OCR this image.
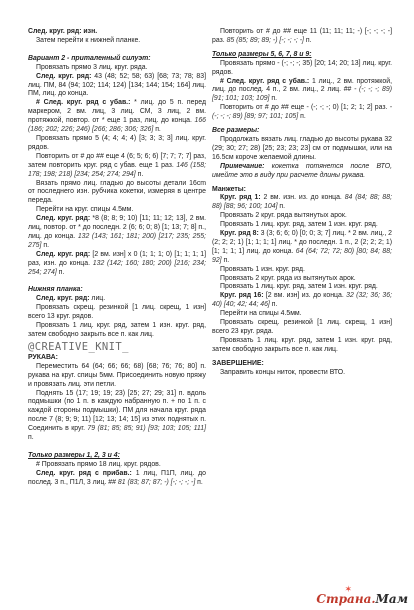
След. круг. ряд: изн.

Затем перейти к нижней планке.

Вариант 2 - приталенный силуэт:

Провязать прямо 3 лиц. круг. ряда.

След. круг. ряд: 43 (48; 52; 58; 63) [68; 73; 78; 83] лиц. ПМ, 84 (94; 102; 114; 124) [134; 144; 154; 164] лиц. ПМ, лиц. до конца.

# След. круг. ряд с убав.: * лиц. до 5 п. перед маркером, 2 вм. лиц, 3 лиц. СМ, 3 лиц, 2 вм. протяжкой, повтор. от * еще 1 раз, лиц. до конца. 166 (186; 202; 226; 246) [266; 286; 306; 326] п.

Провязать прямо 5 (4; 4; 4; 4) [3; 3; 3; 3] лиц. круг. рядов.

Повторить от # до ## еще 4 (6; 5; 6; 6) [7; 7; 7; 7] раз, затем повторить круг. ряд с убав. еще 1 раз. 146 (158; 178; 198; 218) [234; 254; 274; 294] п.

Вязать прямо лиц. гладью до высоты детали 16cm от последнего изн. рубчика кокетки, измеряя в центре переда.

Перейти на круг. спицы 4.5мм.

След. круг. ряд: *8 (8; 8; 9; 10) [11; 11; 12; 13], 2 вм. лиц, повтор. от * до последн. 2 (6; 6; 0; 8) [1; 13; 7; 8] п., лиц. до конца. 132 (143; 161; 181; 200) [217; 235; 255; 275] п.

След. круг. ряд: [2 вм. изн] x 0 (1; 1; 1; 0) [1; 1; 1; 1] раз, изн. до конца. 132 (142; 160; 180; 200) [216; 234; 254; 274] п.

Нижняя планка:

След. круг. ряд: лиц.

Провязать скрещ. резинкой [1 лиц. скрещ, 1 изн] всего 13 круг. рядов.

Провязать 1 лиц. круг. ряд, затем 1 изн. круг. ряд, затем свободно закрыть все п. как лиц.

@CREATIVE_KNIT_

РУКАВА:

Переместить 64 (64; 66; 66; 68) [68; 76; 76; 80] п. рукава на круг. спицы 5мм. Присоединить новую пряжу и провязать лиц. эти петли.

Поднять 15 (17; 19; 19; 23) [25; 27; 29; 31] п. вдоль подмышки (по 1 п. в каждую набранную п. + по 1 п. с каждой стороны подмышки). ПМ для начала круг. ряда после 7 (8; 9; 9; 11) [12; 13; 14; 15] из этих поднятых п. Соединить в круг. 79 (81; 85; 85; 91) [93; 103; 105; 111] п.

Только размеры 1, 2, 3 и 4:

# Провязать прямо 18 лиц. круг. рядов.

След. круг. ряд с прибав.: 1 лиц, П1П, лиц. до послед. 3 п., П1Л, 3 лиц. ## 81 (83; 87; 87; -) [-; -; -; -] п.

Повторить от # до ## еще 11 (11; 11; 11; -) [-; -; -; -] раз. 85 (85; 89; 89; -) [-; -; -; -] п.

Только размеры 5, 6, 7, 8 и 9:

Провязать прямо - (-; -; -; 35) [20; 14; 20; 13] лиц. круг. рядов.

# След. круг. ряд с убав.: 1 лиц., 2 вм. протяжкой, лиц. до послед. 4 п., 2 вм. лиц., 2 лиц. ## - (-; -; -; 89) [91; 101; 103; 109] п.

Повторить от # до ## еще - (-; -; -; 0) [1; 2; 1; 2] раз. - (-; -; -; 89) [89; 97; 101; 105] п.

Все размеры:

Продолжать вязать лиц. гладью до высоты рукава 32 (29; 30; 27; 28) [25; 23; 23; 23] см от подмышки, или на 16.5см короче желаемой длины.

Примечание: кокетка потянется после ВТО, имейте это в виду при расчете длины рукава.

Манжеты:

Круг. ряд 1: 2 вм. изн. из. до конца. 84 (84; 88; 88; 88) [88; 96; 100; 104] п.

Провязать 2 круг. ряда вытянутых арок.

Провязать 1 лиц. круг. ряд, затем 1 изн. круг. ряд.

Круг. ряд 8: 3 (3; 6; 6; 0) [0; 0; 3; 7] лиц. * 2 вм. лиц., 2 (2; 2; 2; 1) [1; 1; 1; 1] лиц. * до последн. 1 п., 2 (2; 2; 2; 1) [1; 1; 1; 1] лиц. до конца. 64 (64; 72; 72; 80) [80; 84; 88; 92] п.

Провязать 1 изн. круг. ряд.

Провязать 2 круг. ряда из вытянутых арок.

Провязать 1 лиц. круг. ряд, затем 1 изн. круг. ряд.

Круг. ряд 16: [2 вм. изн] из. до конца. 32 (32; 36; 36; 40) [40; 42; 44; 46] п.

Перейти на спицы 4.5мм.

Провязать скрещ. резинкой [1 лиц. скрещ, 1 изн] всего 23 круг. ряда.

Провязать 1 лиц. круг. ряд, затем 1 изн. круг. ряд, затем свободно закрыть все п. как лиц.

ЗАВЕРШЕНИЕ:

Заправить концы ниток, провести ВТО.

✶
Страна.Мам
